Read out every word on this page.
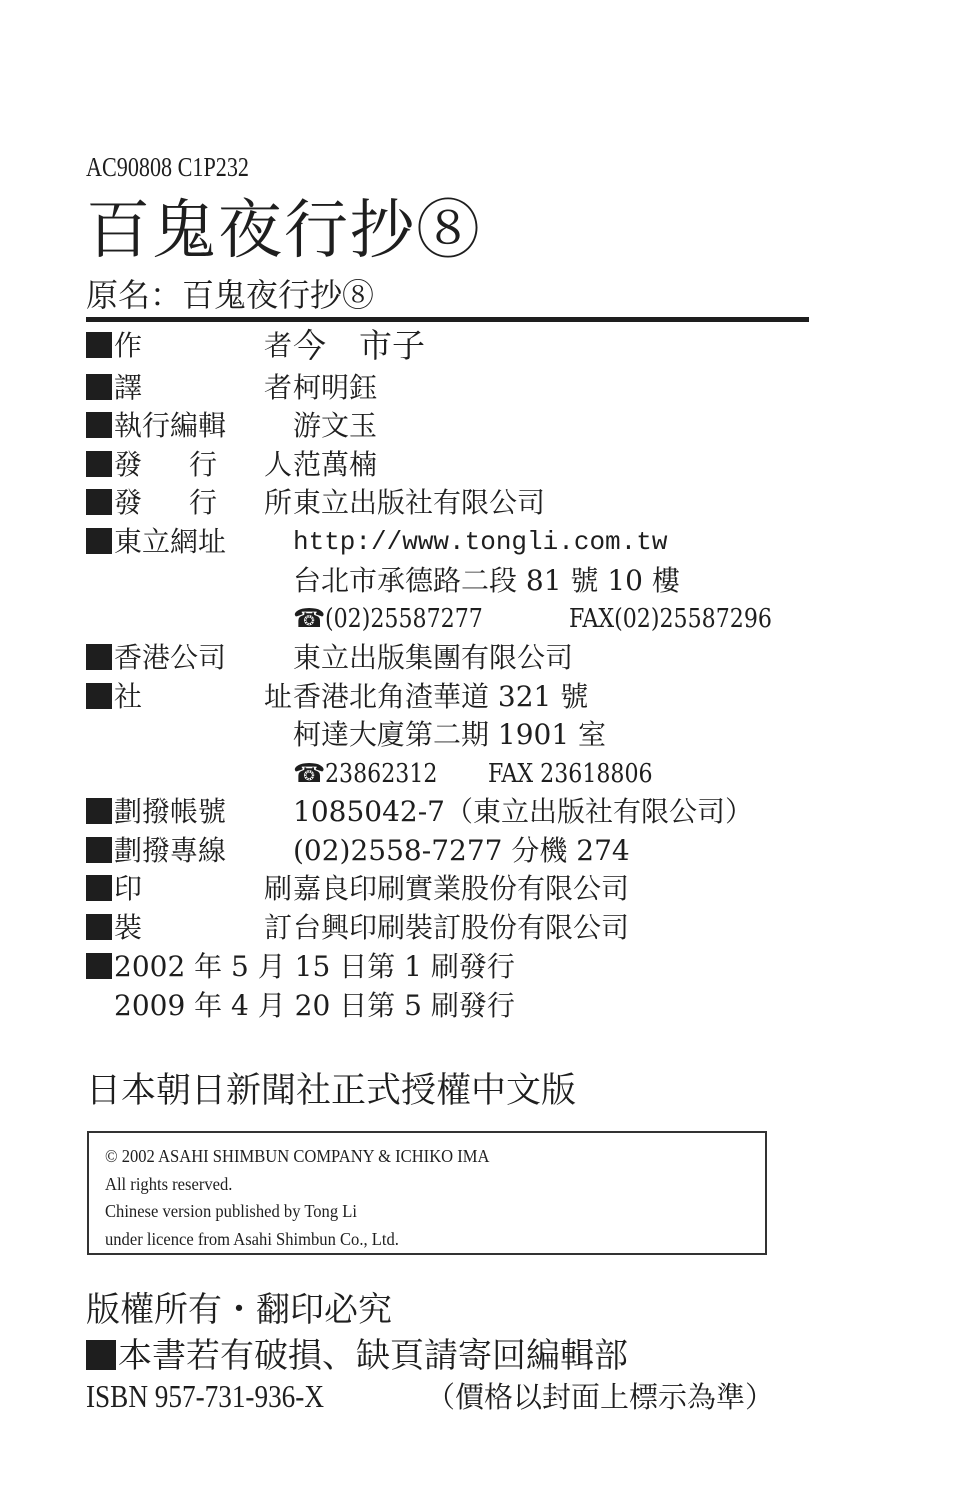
AC90808 C1P232
百鬼夜行抄⑧
原名：百鬼夜行抄⑧
作	者 今　市子
譯	者 柯明鈺
執行編輯 游文玉
發 行 人 范萬楠
發 行 所 東立出版社有限公司
東立網址	http://www.tongli.com.tw
台北市承德路二段 81 號 10 樓
☎(02)25587277	FAX(02)25587296
香港公司 東立出版集團有限公司
社	址 香港北角渣華道 321 號
柯達大廈第二期 1901 室
☎23862312 FAX 23618806
劃撥帳號 1085042-7（東立出版社有限公司）
劃撥專線 (02)2558-7277 分機 274
印	刷 嘉良印刷實業股份有限公司
裝	訂 台興印刷裝訂股份有限公司
2002 年 5 月 15 日第 1 刷發行
2009 年 4 月 20 日第 5 刷發行
日本朝日新聞社正式授權中文版
© 2002 ASAHI SHIMBUN COMPANY & ICHIKO IMA
All rights reserved.
Chinese version published by Tong Li
under licence from Asahi Shimbun Co., Ltd.
版權所有・翻印必究
本書若有破損、缺頁請寄回編輯部
ISBN 957-731-936-X	（價格以封面上標示為準）
